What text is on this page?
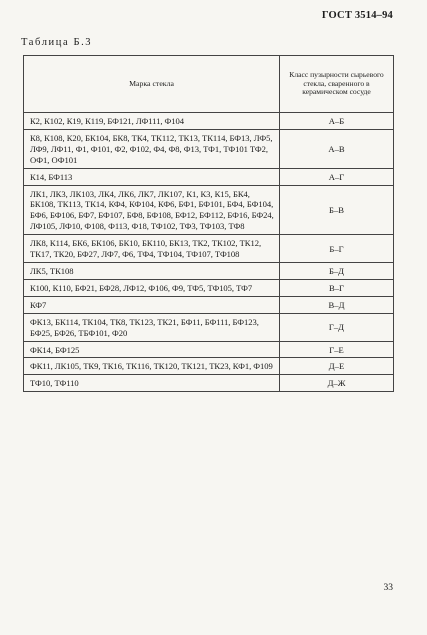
ГОСТ 3514–94
Таблица Б.3
Марка стекла	Класс пузырности сырьевого стекла, сваренного в керамическом сосуде
К2, К102, К19, К119, БФ121, ЛФ111, Ф104	А–Б
К8, К108, К20, БК104, БК8, ТК4, ТК112, ТК13, ТК114, БФ13, ЛФ5, ЛФ9, ЛФ11, Ф1, Ф101, Ф2, Ф102, Ф4, Ф8, Ф13, ТФ1, ТФ101 ТФ2, ОФ1, ОФ101	А–В
К14, БФ113	А–Г
ЛК1, ЛК3, ЛК103, ЛК4, ЛК6, ЛК7, ЛК107, К1, К3, К15, БК4, БК108, ТК113, ТК14, КФ4, КФ104, КФ6, БФ1, БФ101, БФ4, БФ104, БФ6, БФ106, БФ7, БФ107, БФ8, БФ108, БФ12, БФ112, БФ16, БФ24, ЛФ105, ЛФ10, Ф108, Ф113, Ф18, ТФ102, ТФ3, ТФ103, ТФ8	Б–В
ЛК8, К114, БК6, БК106, БК10, БК110, БК13, ТК2, ТК102, ТК12, ТК17, ТК20, БФ27, ЛФ7, Ф6, ТФ4, ТФ104, ТФ107, ТФ108	Б–Г
ЛК5, ТК108	Б–Д
К100, К110, БФ21, БФ28, ЛФ12, Ф106, Ф9, ТФ5, ТФ105, ТФ7	В–Г
КФ7	В–Д
ФК13, БК114, ТК104, ТК8, ТК123, ТК21, БФ11, БФ111, БФ123, БФ25, БФ26, ТБФ101, Ф20	Г–Д
ФК14, БФ125	Г–Е
ФК11, ЛК105, ТК9, ТК16, ТК116, ТК120, ТК121, ТК23, КФ1, Ф109	Д–Е
ТФ10, ТФ110	Д–Ж
33
